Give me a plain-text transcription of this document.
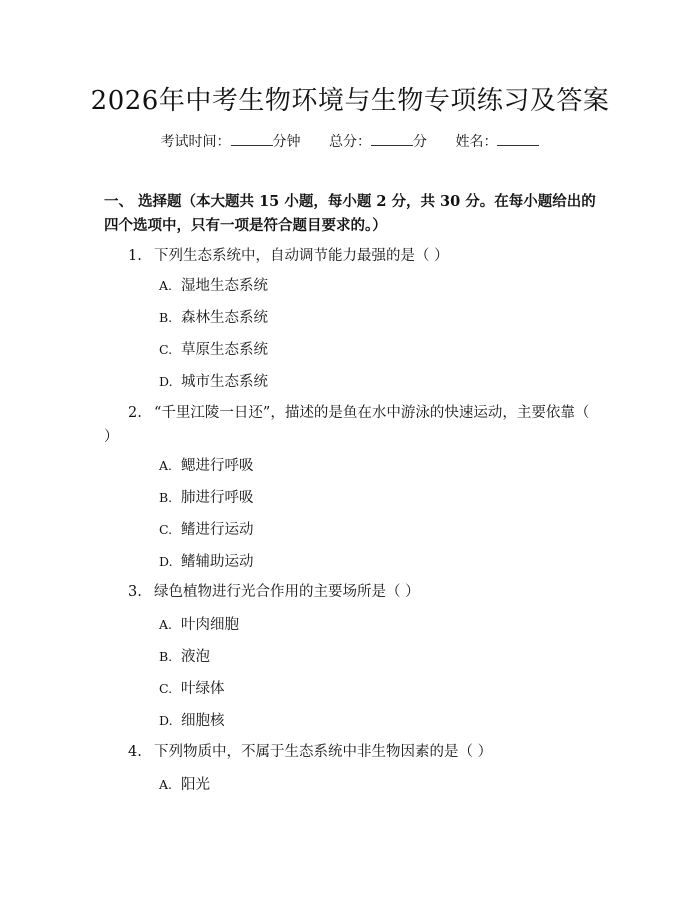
2026年中考生物环境与生物专项练习及答案
考试时间：	分钟 总分：	分 姓名：
一、 选择题（本大题共 15 小题，每小题 2 分，共 30 分。在每小题给出的四个选项中，只有一项是符合题目要求的。）
1. 下列生态系统中，自动调节能力最强的是（ ）
A. 湿地生态系统
B. 森林生态系统
C. 草原生态系统
D. 城市生态系统
2. “千里江陵一日还”，描述的是鱼在水中游泳的快速运动，主要依靠（ ）
A. 鳃进行呼吸
B. 肺进行呼吸
C. 鳍进行运动
D. 鳍辅助运动
3. 绿色植物进行光合作用的主要场所是（ ）
A. 叶肉细胞
B. 液泡
C. 叶绿体
D. 细胞核
4. 下列物质中，不属于生态系统中非生物因素的是（ ）
A. 阳光
